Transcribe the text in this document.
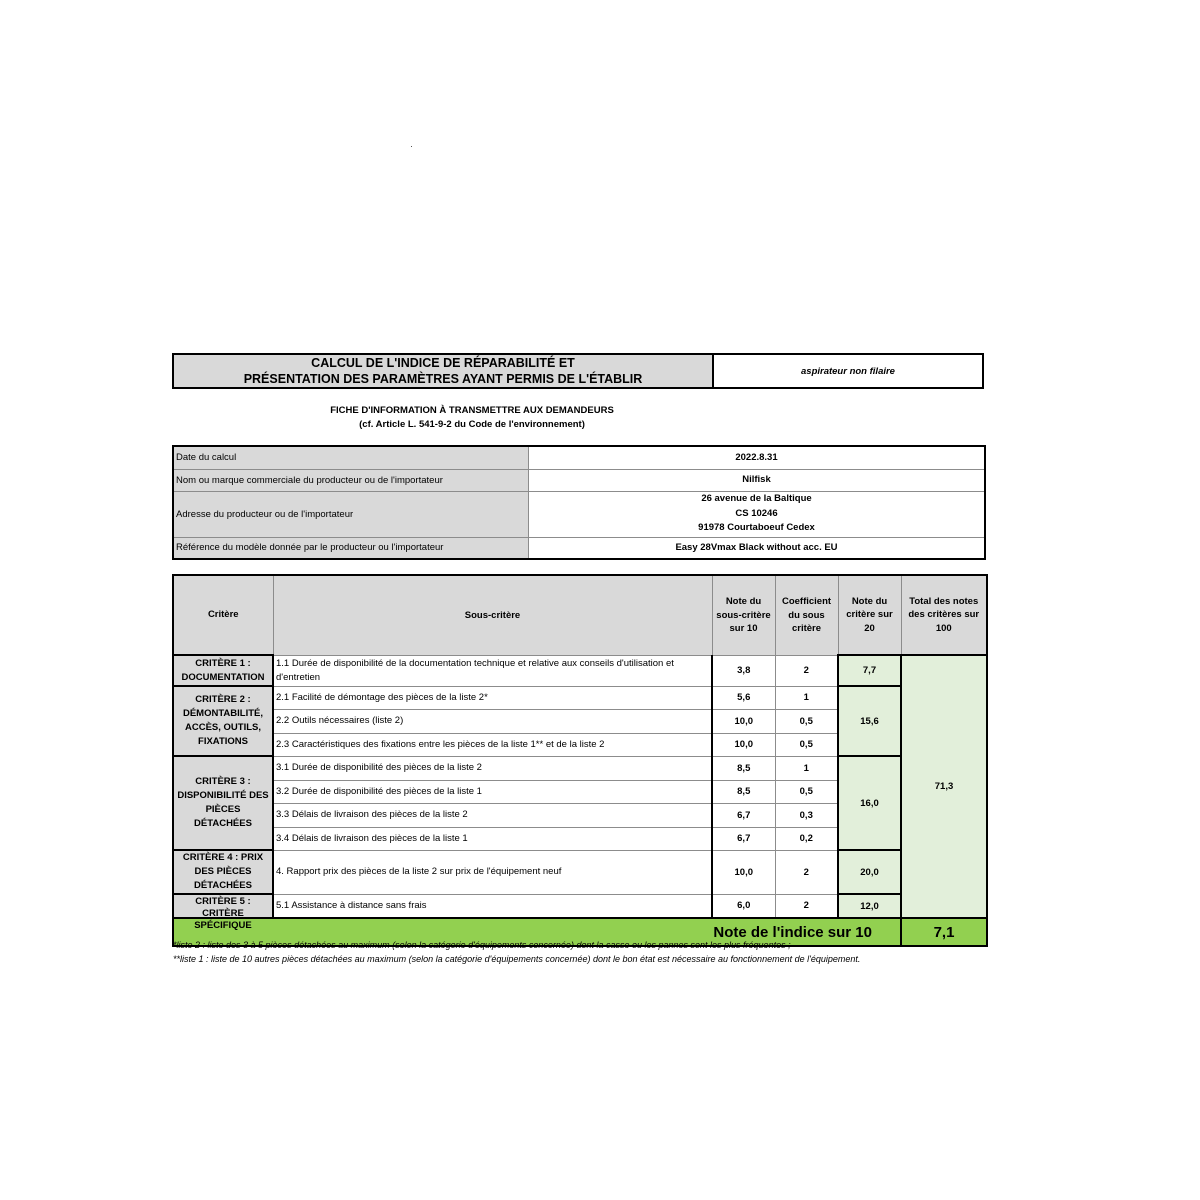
CALCUL DE L'INDICE DE RÉPARABILITÉ ET
PRÉSENTATION DES PARAMÈTRES AYANT PERMIS DE L'ÉTABLIR
aspirateur non filaire
FICHE D'INFORMATION À TRANSMETTRE AUX DEMANDEURS
(cf. Article L. 541-9-2 du Code de l'environnement)
Date du calcul	2022.8.31
Nom ou marque commerciale du producteur ou de l'importateur	Nilfisk
Adresse du producteur ou de l'importateur	26 avenue de la Baltique
CS 10246
91978 Courtaboeuf Cedex

Référence du modèle donnée par le producteur ou l'importateur	Easy 28Vmax Black without acc. EU
Critère	Sous-critère	Note du sous-critère sur 10	Coefficient du sous critère	Note du critère sur 20	Total des notes des critères sur 100
CRITÈRE 1 : DOCUMENTATION	1.1 Durée de disponibilité de la documentation technique et relative aux conseils d'utilisation et d'entretien	3,8	2	7,7	71,3
CRITÈRE 2 : DÉMONTABILITÉ, ACCÈS, OUTILS, FIXATIONS	2.1 Facilité de démontage des pièces de la liste 2*	5,6	1	15,6	
	2.2 Outils nécessaires (liste 2)	10,0	0,5		
	2.3 Caractéristiques des fixations entre les pièces de la liste 1** et de la liste 2	10,0	0,5		
CRITÈRE 3 : DISPONIBILITÉ DES PIÈCES DÉTACHÉES	3.1 Durée de disponibilité des pièces de la liste 2	8,5	1	16,0	
	3.2 Durée de disponibilité des pièces de la liste 1	8,5	0,5		
	3.3 Délais de livraison des pièces de la liste 2	6,7	0,3		
	3.4 Délais de livraison des pièces de la liste 1	6,7	0,2		
CRITÈRE 4 : PRIX DES PIÈCES DÉTACHÉES	4. Rapport prix des pièces de la liste 2 sur prix de l'équipement neuf	10,0	2	20,0	

CRITÈRE 5 : CRITÈRE SPÉCIFIQUE	5.1 Assistance à distance sans frais	6,0	2	12,0	
Note de l'indice sur 10					7,1
*liste 2 : liste des 3 à 5 pièces détachées au maximum (selon la catégorie d'équipements concernée) dont la casse ou les pannes sont les plus fréquentes ;
**liste 1 : liste de 10 autres pièces détachées au maximum (selon la catégorie d'équipements concernée) dont le bon état est nécessaire au fonctionnement de l'équipement.
